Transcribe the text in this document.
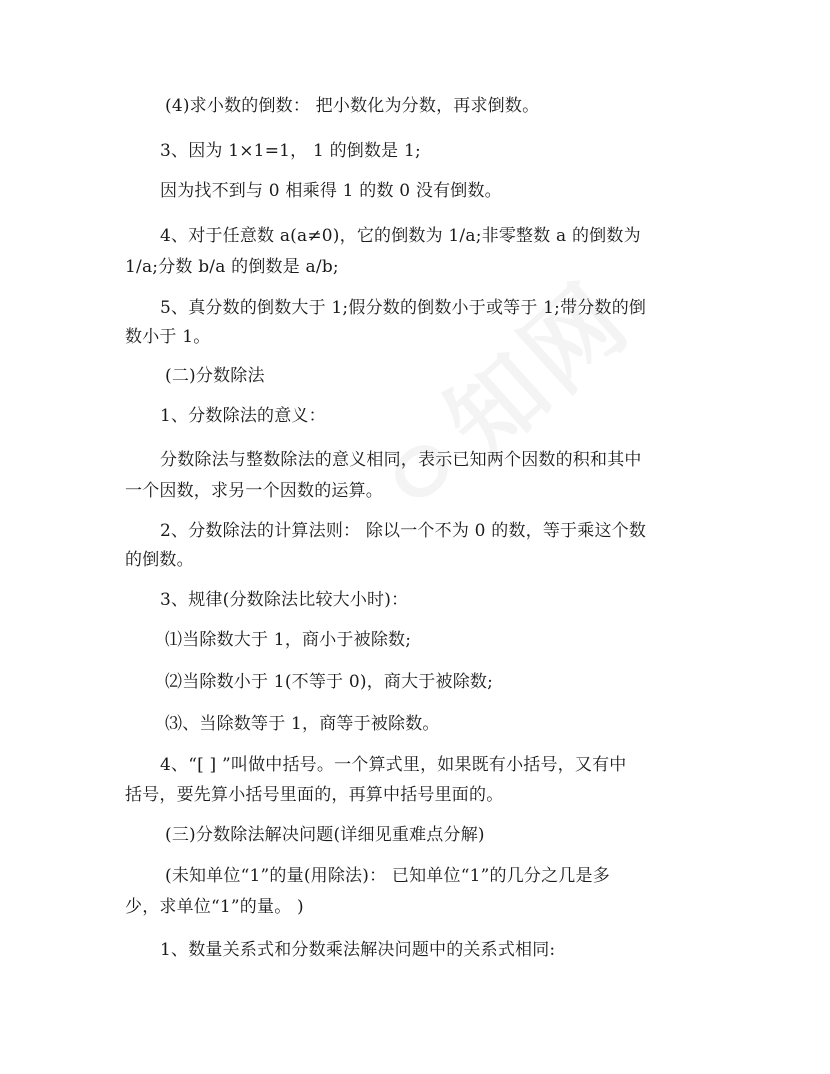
(4)求小数的倒数： 把小数化为分数，再求倒数。
3、因为 1×1=1， 1 的倒数是 1;
因为找不到与 0 相乘得 1 的数 0 没有倒数。
4、对于任意数 a(a≠0)，它的倒数为 1/a;非零整数 a 的倒数为
1/a;分数 b/a 的倒数是 a/b;
5、真分数的倒数大于 1;假分数的倒数小于或等于 1;带分数的倒
数小于 1。
(二)分数除法
1、分数除法的意义：
分数除法与整数除法的意义相同，表示已知两个因数的积和其中
一个因数，求另一个因数的运算。
2、分数除法的计算法则： 除以一个不为 0 的数，等于乘这个数
的倒数。
3、规律(分数除法比较大小时)：
⑴当除数大于 1，商小于被除数;
⑵当除数小于 1(不等于 0)，商大于被除数;
⑶、当除数等于 1，商等于被除数。
4、“[ ] ”叫做中括号。一个算式里，如果既有小括号，又有中
括号，要先算小括号里面的，再算中括号里面的。
(三)分数除法解决问题(详细见重难点分解)
(未知单位“1”的量(用除法)： 已知单位“1”的几分之几是多
少，求单位“1”的量。 )
1、数量关系式和分数乘法解决问题中的关系式相同:
